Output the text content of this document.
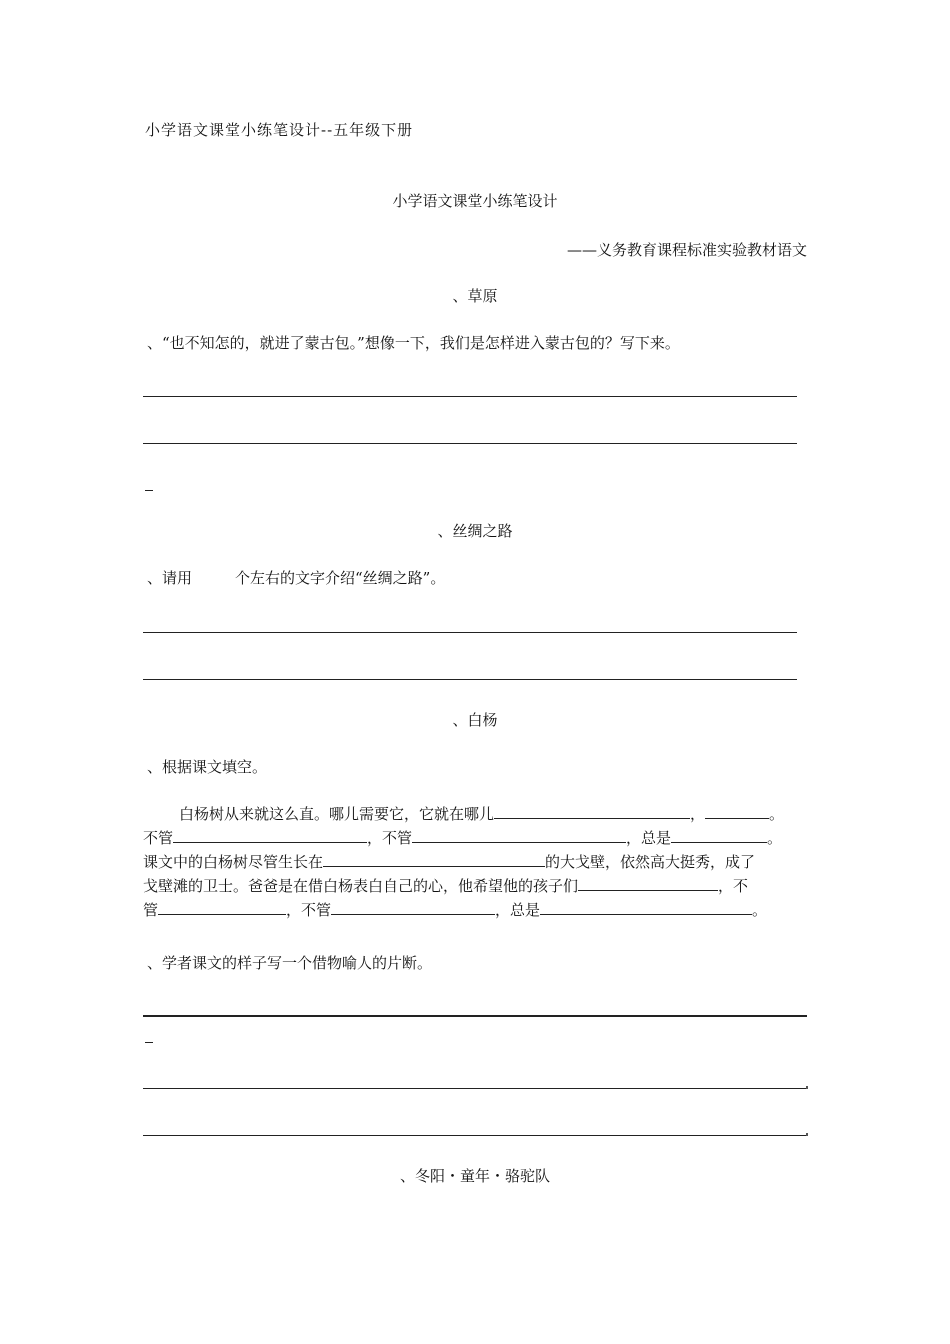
小学语文课堂小练笔设计--五年级下册
小学语文课堂小练笔设计
——义务教育课程标准实验教材语文
、草原
、“也不知怎的，就进了蒙古包。”想像一下，我们是怎样进入蒙古包的？写下来。
、丝绸之路
、请用	个左右的文字介绍“丝绸之路”。
、白杨
、根据课文填空。
白杨树从来就这么直。哪儿需要它，它就在哪儿	，	。
不管	，不管	，总是	。
课文中的白杨树尽管生长在	的大戈壁，依然高大挺秀，成了
戈壁滩的卫士。爸爸是在借白杨表白自己的心，他希望他的孩子们	，不
管	，不管	，总是	。
、学者课文的样子写一个借物喻人的片断。
、冬阳・童年・骆驼队
